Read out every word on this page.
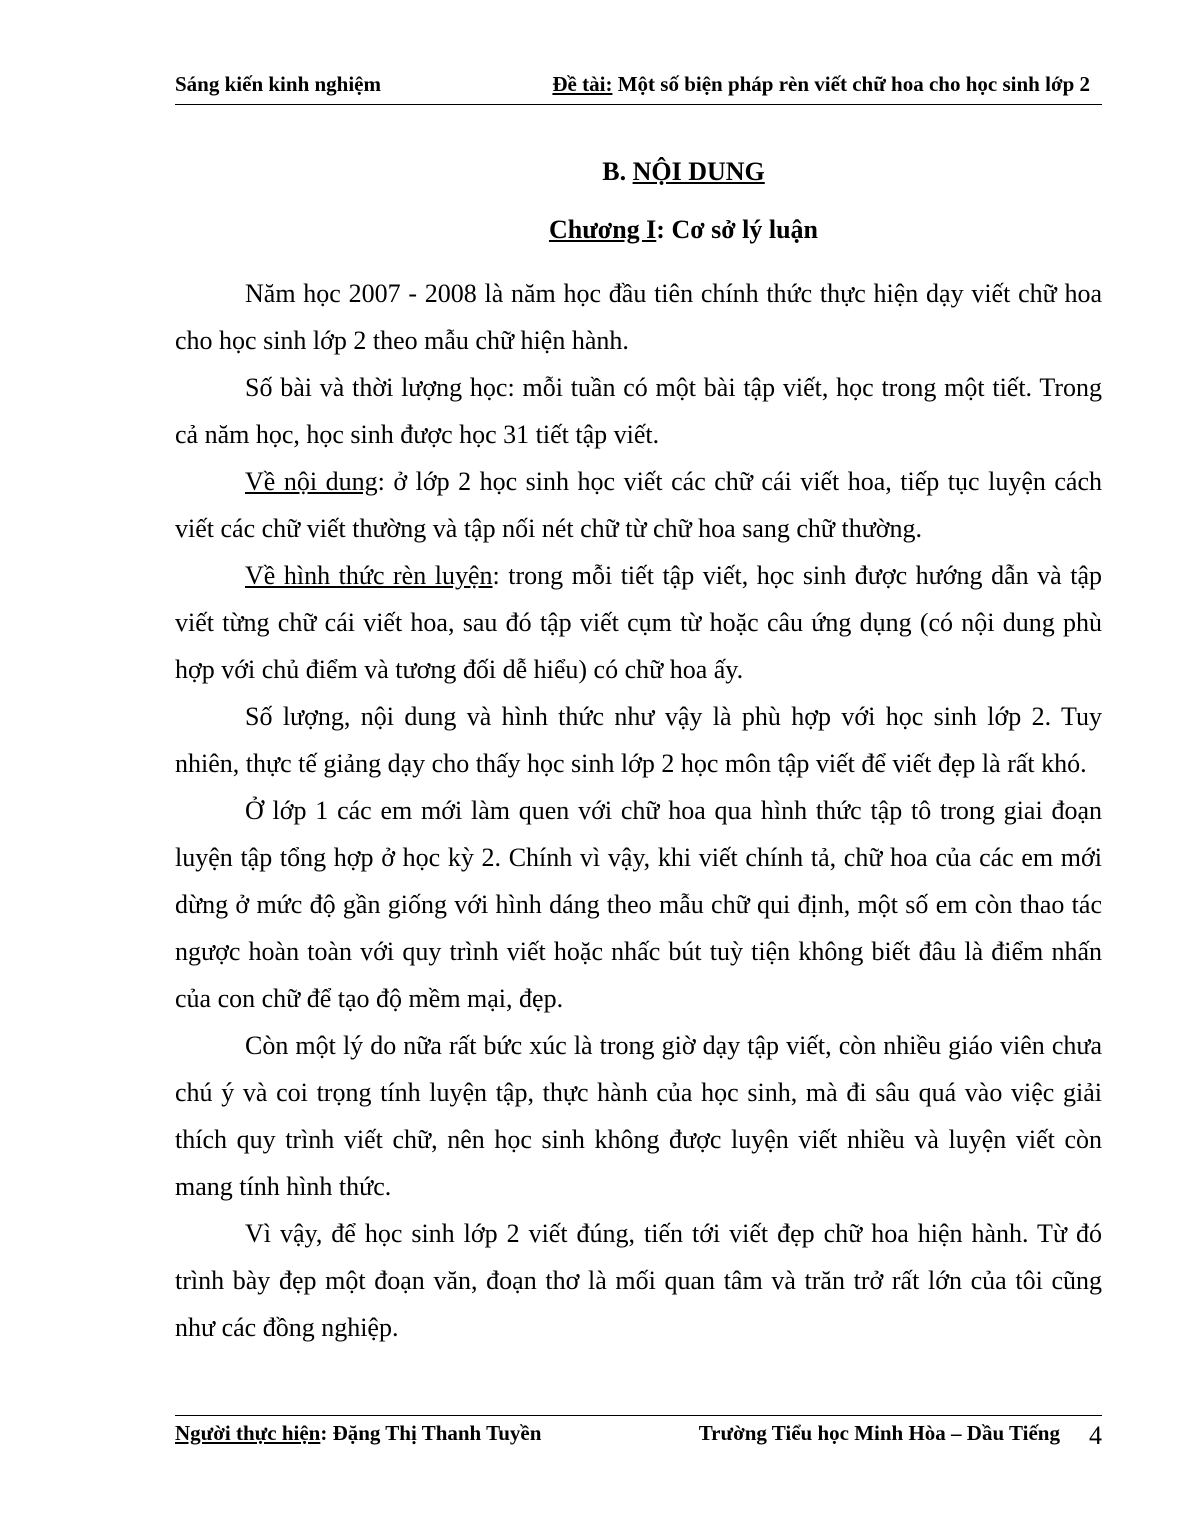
Sáng kiến kinh nghiệm	Đề tài: Một số biện pháp rèn viết chữ hoa cho học sinh lớp 2
B. NỘI DUNG
Chương I: Cơ sở lý luận

Năm học 2007 - 2008 là năm học đầu tiên chính thức thực hiện dạy viết chữ hoa cho học sinh lớp 2 theo mẫu chữ hiện hành.

Số bài và thời lượng học: mỗi tuần có một bài tập viết, học trong một tiết. Trong cả năm học, học sinh được học 31 tiết tập viết.

Về nội dung: ở lớp 2 học sinh học viết các chữ cái viết hoa, tiếp tục luyện cách viết các chữ viết thường và tập nối nét chữ từ chữ hoa sang chữ thường.

Về hình thức rèn luyện: trong mỗi tiết tập viết, học sinh được hướng dẫn và tập viết từng chữ cái viết hoa, sau đó tập viết cụm từ hoặc câu ứng dụng (có nội dung phù hợp với chủ điểm và tương đối dễ hiểu) có chữ hoa ấy.

Số lượng, nội dung và hình thức như vậy là phù hợp với học sinh lớp 2. Tuy nhiên, thực tế giảng dạy cho thấy học sinh lớp 2 học môn tập viết để viết đẹp là rất khó.

Ở lớp 1 các em mới làm quen với chữ hoa qua hình thức tập tô trong giai đoạn luyện tập tổng hợp ở học kỳ 2. Chính vì vậy, khi viết chính tả, chữ hoa của các em mới dừng ở mức độ gần giống với hình dáng theo mẫu chữ qui định, một số em còn thao tác ngược hoàn toàn với quy trình viết hoặc nhấc bút tuỳ tiện không biết đâu là điểm nhấn của con chữ để tạo độ mềm mại, đẹp.

Còn một lý do nữa rất bức xúc là trong giờ dạy tập viết, còn nhiều giáo viên chưa chú ý và coi trọng tính luyện tập, thực hành của học sinh, mà đi sâu quá vào việc giải thích quy trình viết chữ, nên học sinh không được luyện viết nhiều và luyện viết còn mang tính hình thức.

Vì vậy, để học sinh lớp 2 viết đúng, tiến tới viết đẹp chữ hoa hiện hành. Từ đó trình bày đẹp một đoạn văn, đoạn thơ là mối quan tâm và trăn trở rất lớn của tôi cũng như các đồng nghiệp.

Người thực hiện: Đặng Thị Thanh Tuyền	Trường Tiểu học Minh Hòa – Dầu Tiếng 4
